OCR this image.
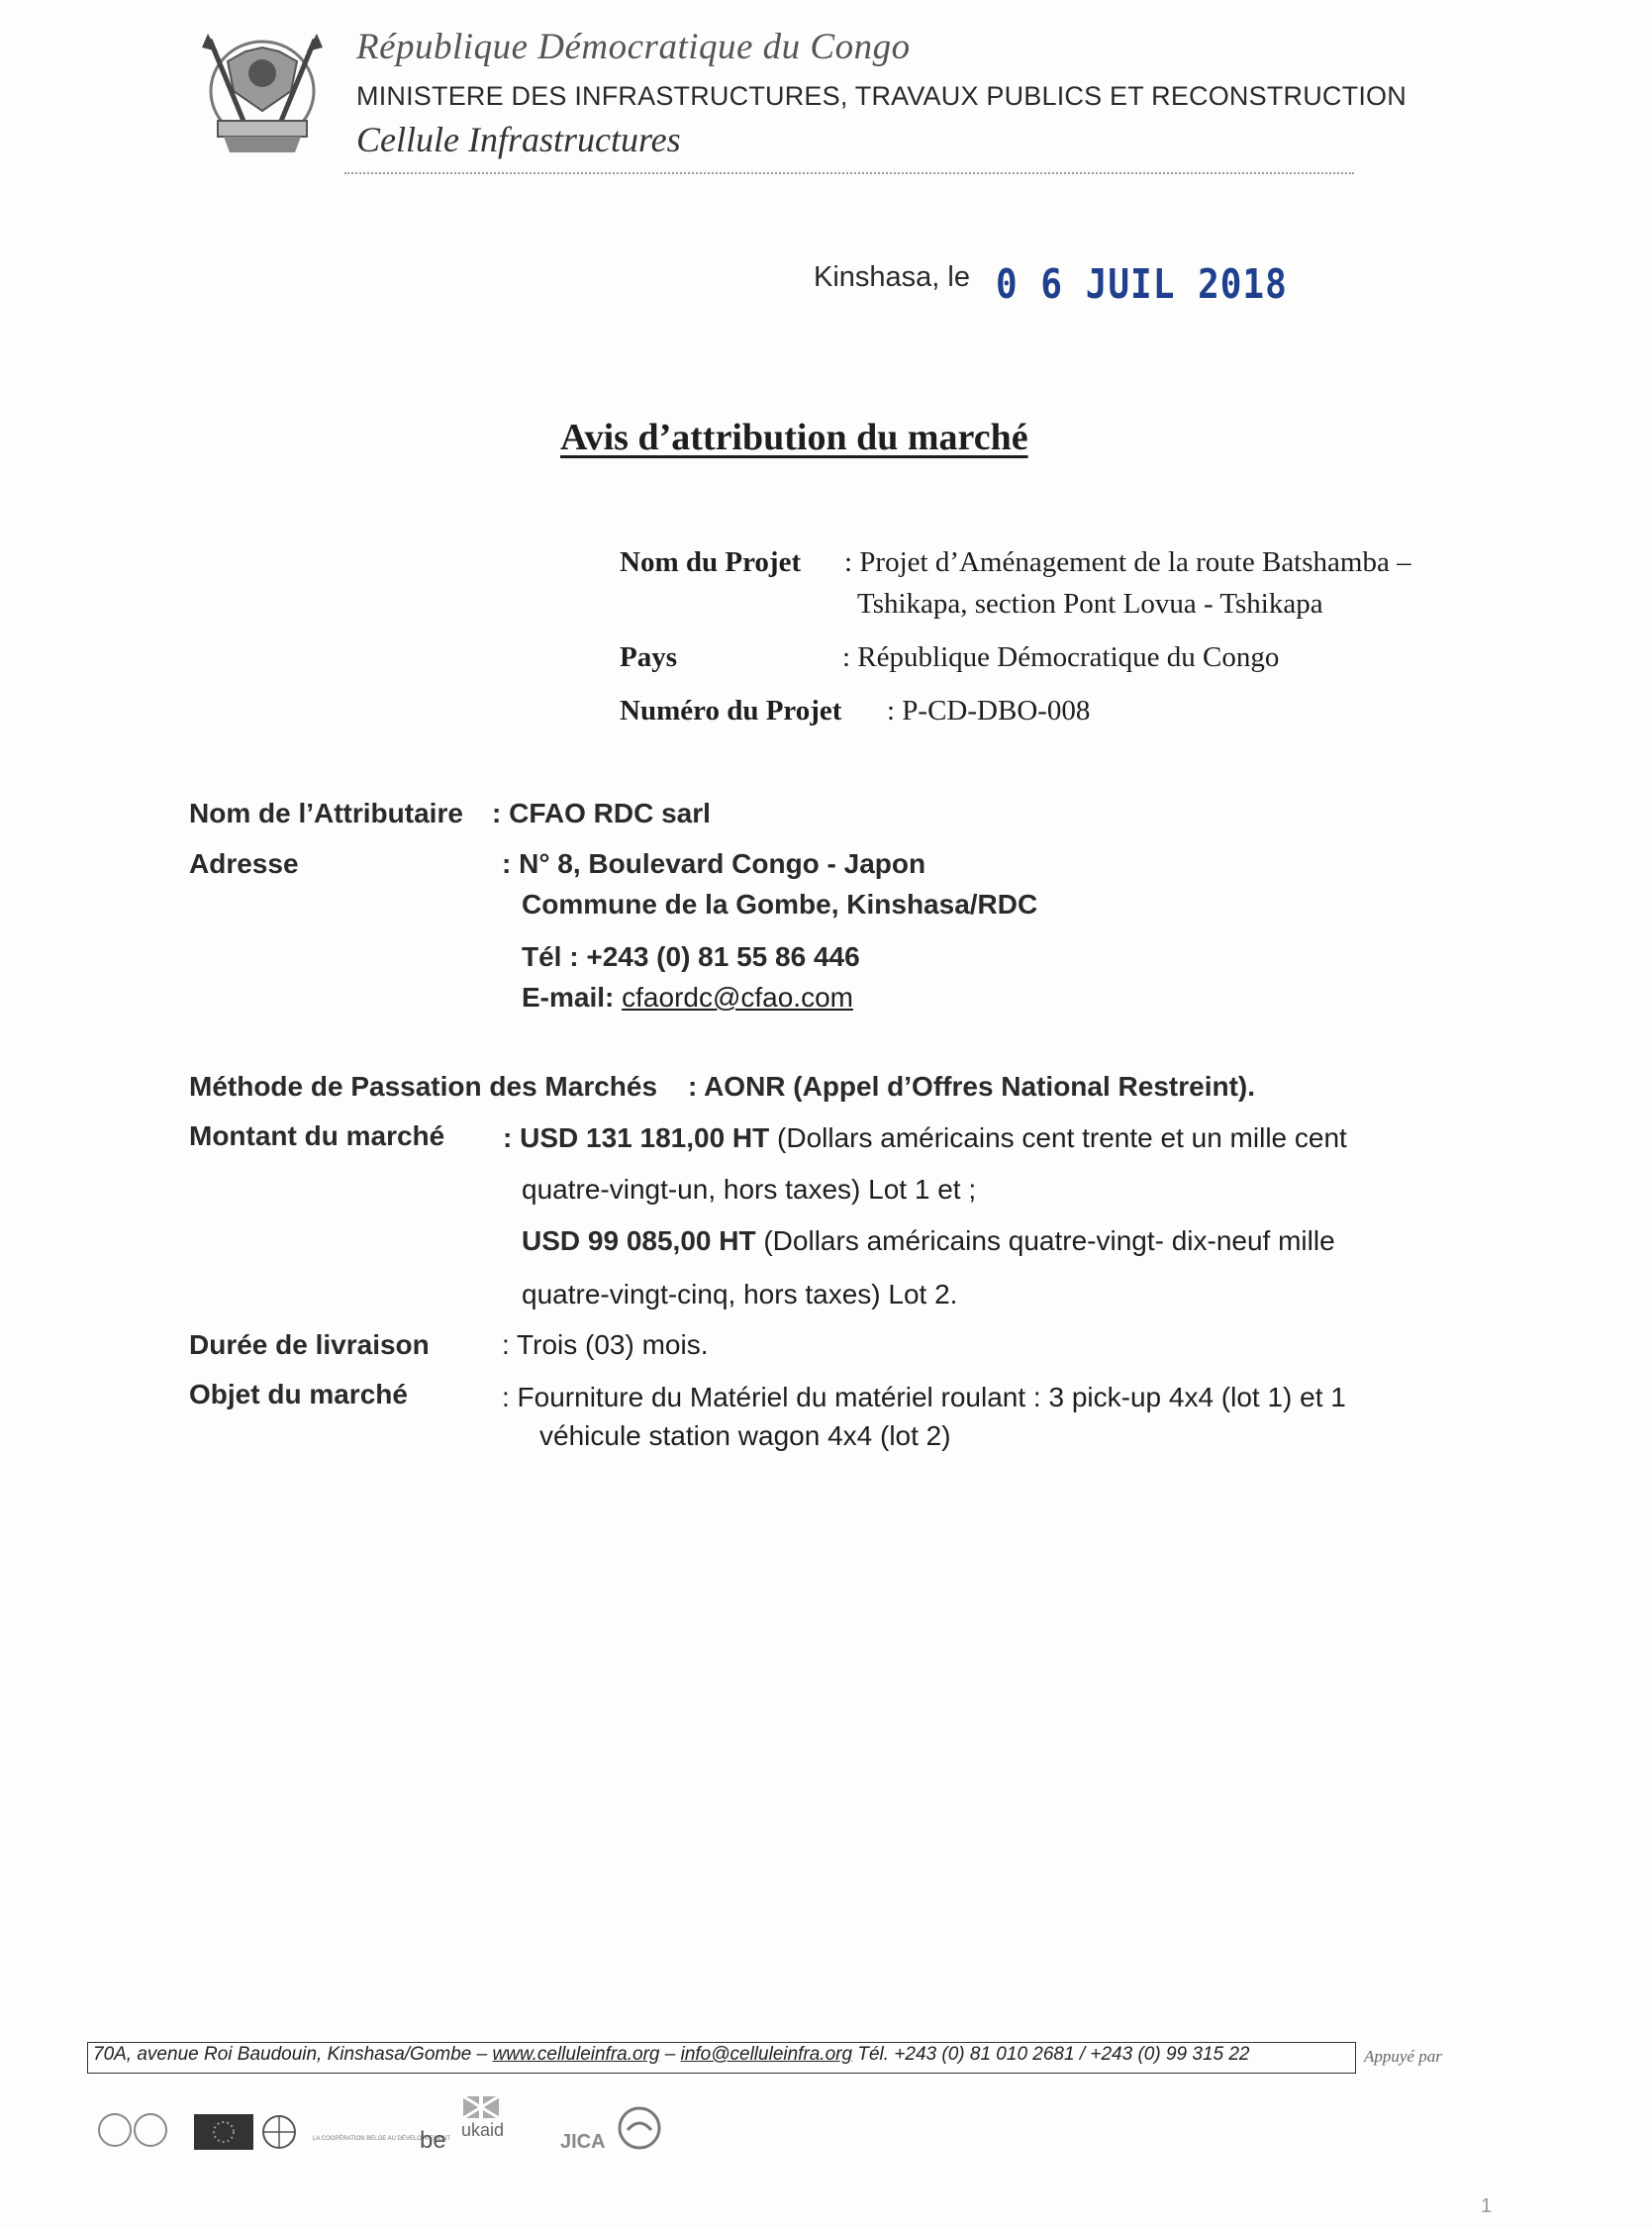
République Démocratique du Congo
MINISTERE DES INFRASTRUCTURES, TRAVAUX PUBLICS ET RECONSTRUCTION
Cellule Infrastructures
Kinshasa, le 0 6 JUIL 2018
Avis d’attribution du marché
Nom du Projet : Projet d’Aménagement de la route Batshamba –
Tshikapa, section Pont Lovua - Tshikapa
Pays	: République Démocratique du Congo
Numéro du Projet : P-CD-DBO-008
Nom de l’Attributaire : CFAO RDC sarl
Adresse	: N° 8, Boulevard Congo - Japon
Commune de la Gombe, Kinshasa/RDC
Tél : +243 (0) 81 55 86 446
E-mail: cfaordc@cfao.com
Méthode de Passation des Marchés : AONR (Appel d’Offres National Restreint).
Montant du marché : USD 131 181,00 HT (Dollars américains cent trente et un mille cent
quatre-vingt-un, hors taxes) Lot 1 et ;
USD 99 085,00 HT (Dollars américains quatre-vingt- dix-neuf mille
quatre-vingt-cinq, hors taxes) Lot 2.
Durée de livraison	: Trois (03) mois.
Objet du marché	: Fourniture du Matériel du matériel roulant : 3 pick-up 4x4 (lot 1) et 1
véhicule station wagon 4x4 (lot 2)
70A, avenue Roi Baudouin, Kinshasa/Gombe – www.celluleinfra.org – info@celluleinfra.org Tél. +243 (0) 81 010 2681 / +243 (0) 99 315 22	Appuyé par
LA COOPÉRATION BELGE AU DÉVELOPPEMENT
be ukaid
JICA
1
